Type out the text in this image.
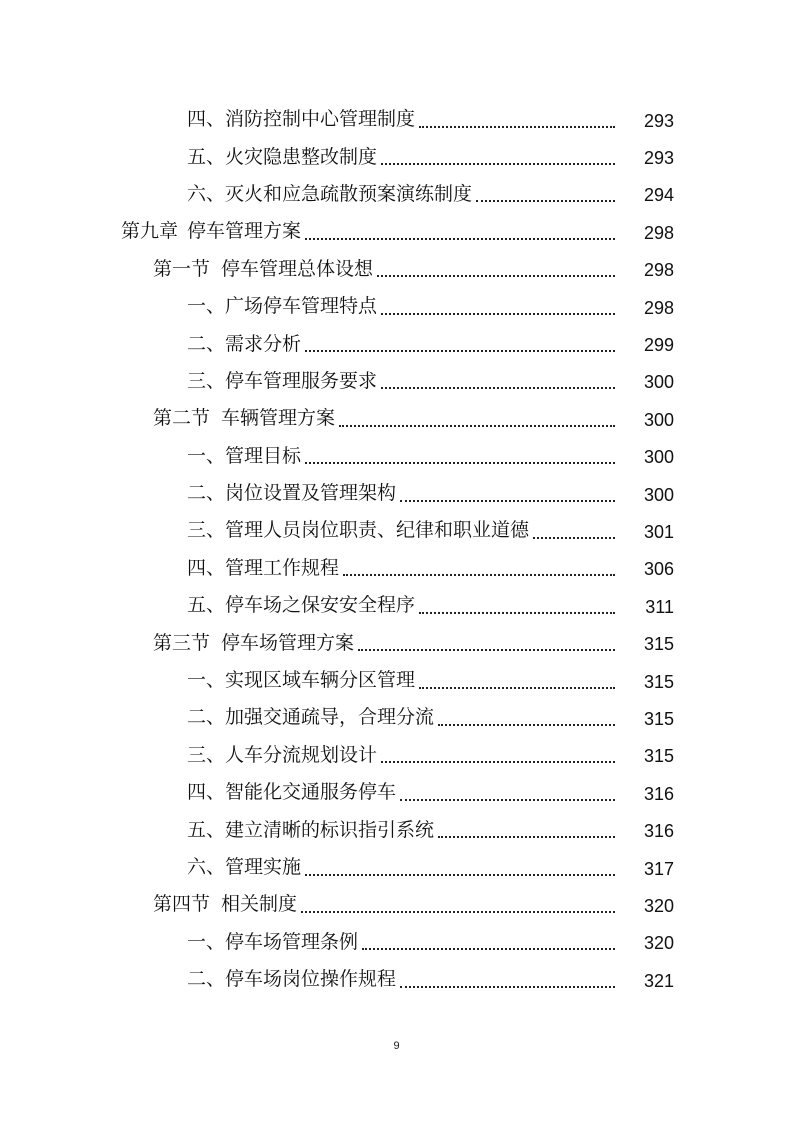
四、 消防控制中心管理制度	293
五、 火灾隐患整改制度	293
六、 灭火和应急疏散预案演练制度	294
第九章 停车管理方案	298
第一节 停车管理总体设想	298
一、 广场停车管理特点	298
二、 需求分析	299
三、 停车管理服务要求	300
第二节 车辆管理方案	300
一、 管理目标	300
二、 岗位设置及管理架构	300
三、 管理人员岗位职责、纪律和职业道德	301
四、 管理工作规程	306
五、 停车场之保安安全程序	311
第三节 停车场管理方案	315
一、 实现区域车辆分区管理	315
二、 加强交通疏导，合理分流	315
三、 人车分流规划设计	315
四、 智能化交通服务停车	316
五、 建立清晰的标识指引系统	316
六、 管理实施	317
第四节 相关制度	320
一、 停车场管理条例	320
二、 停车场岗位操作规程	321
9
